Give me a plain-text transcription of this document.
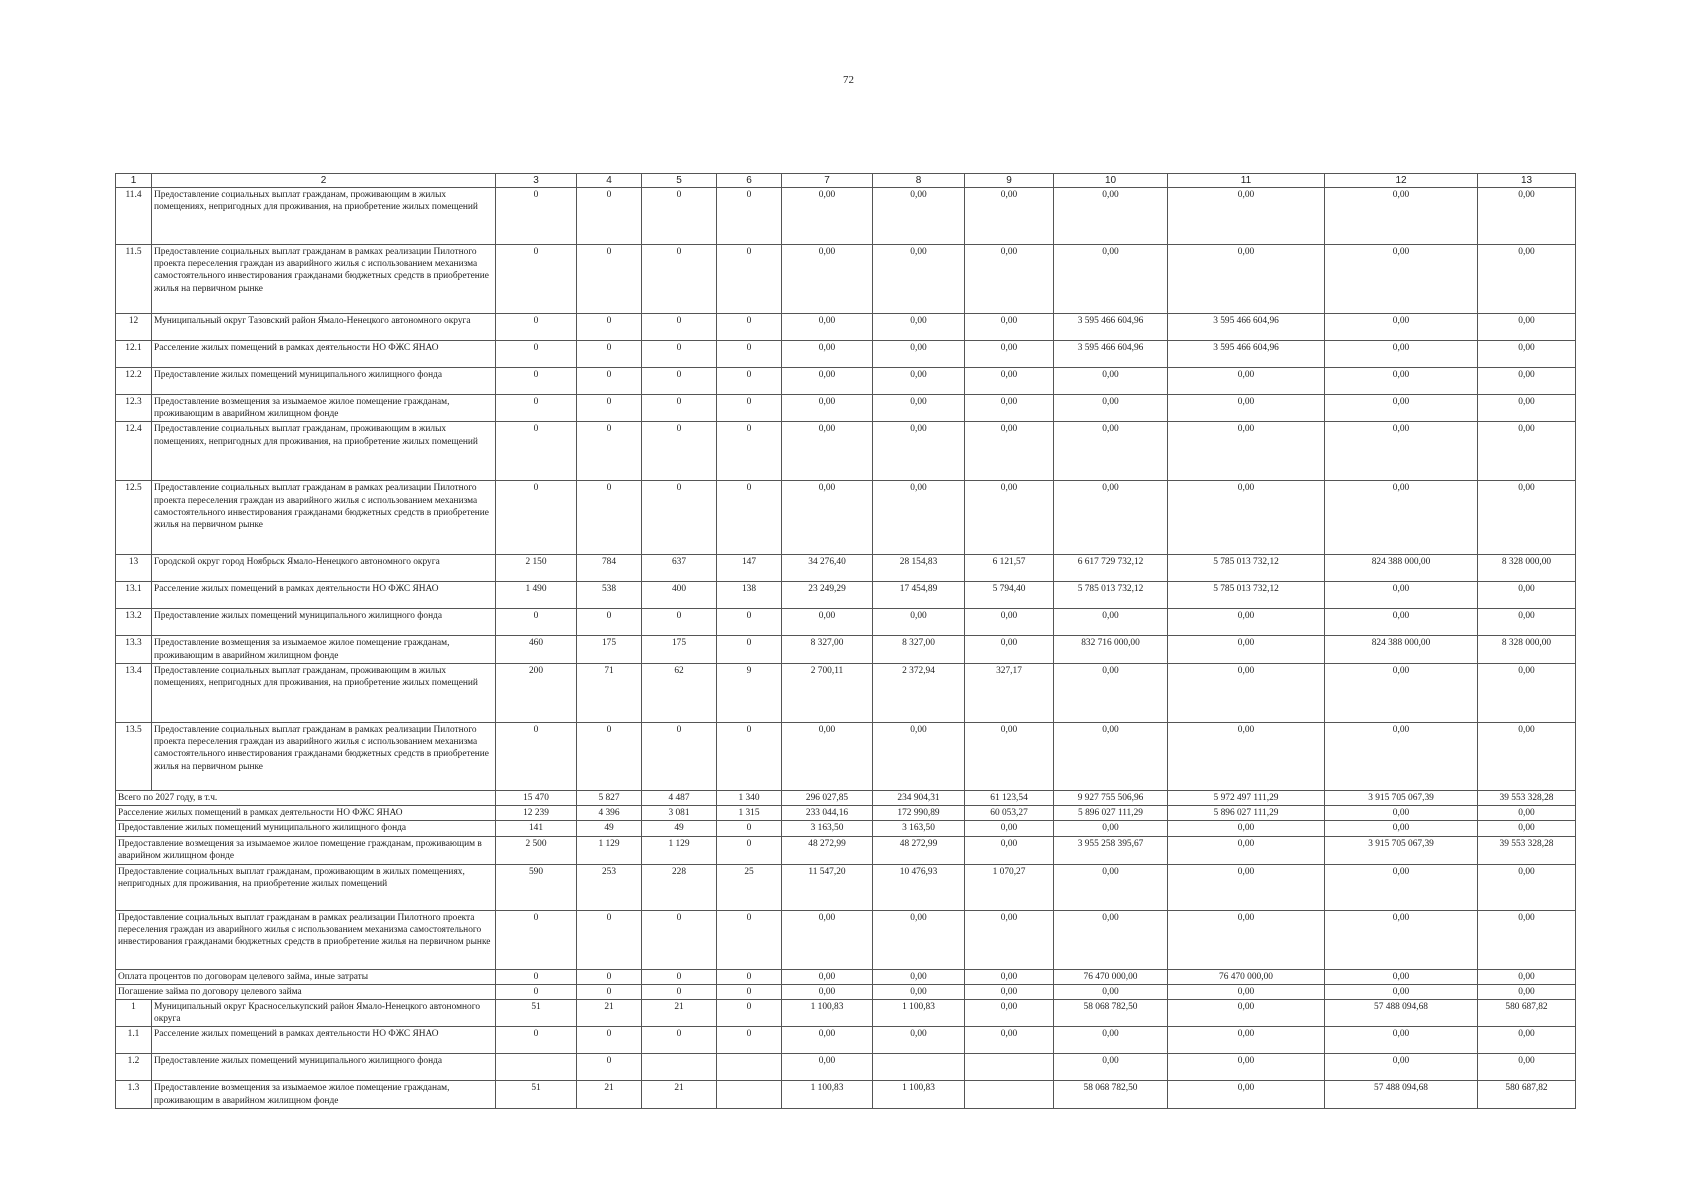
72
1	2	3	4	5	6	7	8	9	10	11	12	13
11.4	Предоставление социальных выплат гражданам, проживающим в жилых помещениях, непригодных для проживания, на приобретение жилых помещений	0	0	0	0	0,00	0,00	0,00	0,00	0,00	0,00	0,00
11.5	Предоставление социальных выплат гражданам в рамках реализации Пилотного проекта переселения граждан из аварийного жилья с использованием механизма самостоятельного инвестирования гражданами бюджетных средств в приобретение жилья на первичном рынке	0	0	0	0	0,00	0,00	0,00	0,00	0,00	0,00	0,00
12	Муниципальный округ Тазовский район Ямало-Ненецкого автономного округа	0	0	0	0	0,00	0,00	0,00	3 595 466 604,96	3 595 466 604,96	0,00	0,00
12.1	Расселение жилых помещений в рамках деятельности НО ФЖС ЯНАО	0	0	0	0	0,00	0,00	0,00	3 595 466 604,96	3 595 466 604,96	0,00	0,00
12.2	Предоставление жилых помещений муниципального жилищного фонда	0	0	0	0	0,00	0,00	0,00	0,00	0,00	0,00	0,00
12.3	Предоставление возмещения за изымаемое жилое помещение гражданам, проживающим в аварийном жилищном фонде	0	0	0	0	0,00	0,00	0,00	0,00	0,00	0,00	0,00
12.4	Предоставление социальных выплат гражданам, проживающим в жилых помещениях, непригодных для проживания, на приобретение жилых помещений	0	0	0	0	0,00	0,00	0,00	0,00	0,00	0,00	0,00
12.5	Предоставление социальных выплат гражданам в рамках реализации Пилотного проекта переселения граждан из аварийного жилья с использованием механизма самостоятельного инвестирования гражданами бюджетных средств в приобретение жилья на первичном рынке	0	0	0	0	0,00	0,00	0,00	0,00	0,00	0,00	0,00
13	Городской округ город Ноябрьск Ямало-Ненецкого автономного округа	2 150	784	637	147	34 276,40	28 154,83	6 121,57	6 617 729 732,12	5 785 013 732,12	824 388 000,00	8 328 000,00
13.1	Расселение жилых помещений в рамках деятельности НО ФЖС ЯНАО	1 490	538	400	138	23 249,29	17 454,89	5 794,40	5 785 013 732,12	5 785 013 732,12	0,00	0,00
13.2	Предоставление жилых помещений муниципального жилищного фонда	0	0	0	0	0,00	0,00	0,00	0,00	0,00	0,00	0,00
13.3	Предоставление возмещения за изымаемое жилое помещение гражданам, проживающим в аварийном жилищном фонде	460	175	175	0	8 327,00	8 327,00	0,00	832 716 000,00	0,00	824 388 000,00	8 328 000,00
13.4	Предоставление социальных выплат гражданам, проживающим в жилых помещениях, непригодных для проживания, на приобретение жилых помещений	200	71	62	9	2 700,11	2 372,94	327,17	0,00	0,00	0,00	0,00
13.5	Предоставление социальных выплат гражданам в рамках реализации Пилотного проекта переселения граждан из аварийного жилья с использованием механизма самостоятельного инвестирования гражданами бюджетных средств в приобретение жилья на первичном рынке	0	0	0	0	0,00	0,00	0,00	0,00	0,00	0,00	0,00
Всего по 2027 году, в т.ч.		15 470	5 827	4 487	1 340	296 027,85	234 904,31	61 123,54	9 927 755 506,96	5 972 497 111,29	3 915 705 067,39	39 553 328,28
Расселение жилых помещений в рамках деятельности НО ФЖС ЯНАО		12 239	4 396	3 081	1 315	233 044,16	172 990,89	60 053,27	5 896 027 111,29	5 896 027 111,29	0,00	0,00
Предоставление жилых помещений муниципального жилищного фонда		141	49	49	0	3 163,50	3 163,50	0,00	0,00	0,00	0,00	0,00
Предоставление возмещения за изымаемое жилое помещение гражданам, проживающим в аварийном жилищном фонде		2 500	1 129	1 129	0	48 272,99	48 272,99	0,00	3 955 258 395,67	0,00	3 915 705 067,39	39 553 328,28
Предоставление социальных выплат гражданам, проживающим в жилых помещениях, непригодных для проживания, на приобретение жилых помещений		590	253	228	25	11 547,20	10 476,93	1 070,27	0,00	0,00	0,00	0,00
Предоставление социальных выплат гражданам в рамках реализации Пилотного проекта переселения граждан из аварийного жилья с использованием механизма самостоятельного инвестирования гражданами бюджетных средств в приобретение жилья на первичном рынке		0	0	0	0	0,00	0,00	0,00	0,00	0,00	0,00	0,00
Оплата процентов по договорам целевого займа, иные затраты		0	0	0	0	0,00	0,00	0,00	76 470 000,00	76 470 000,00	0,00	0,00
Погашение займа по договору целевого займа		0	0	0	0	0,00	0,00	0,00	0,00	0,00	0,00	0,00
1	Муниципальный округ Красноселькупский район Ямало-Ненецкого автономного округа	51	21	21	0	1 100,83	1 100,83	0,00	58 068 782,50	0,00	57 488 094,68	580 687,82
1.1	Расселение жилых помещений в рамках деятельности НО ФЖС ЯНАО	0	0	0	0	0,00	0,00	0,00	0,00	0,00	0,00	0,00
1.2	Предоставление жилых помещений муниципального жилищного фонда		0			0,00			0,00	0,00	0,00	0,00
1.3	Предоставление возмещения за изымаемое жилое помещение гражданам, проживающим в аварийном жилищном фонде	51	21	21		1 100,83	1 100,83		58 068 782,50	0,00	57 488 094,68	580 687,82
